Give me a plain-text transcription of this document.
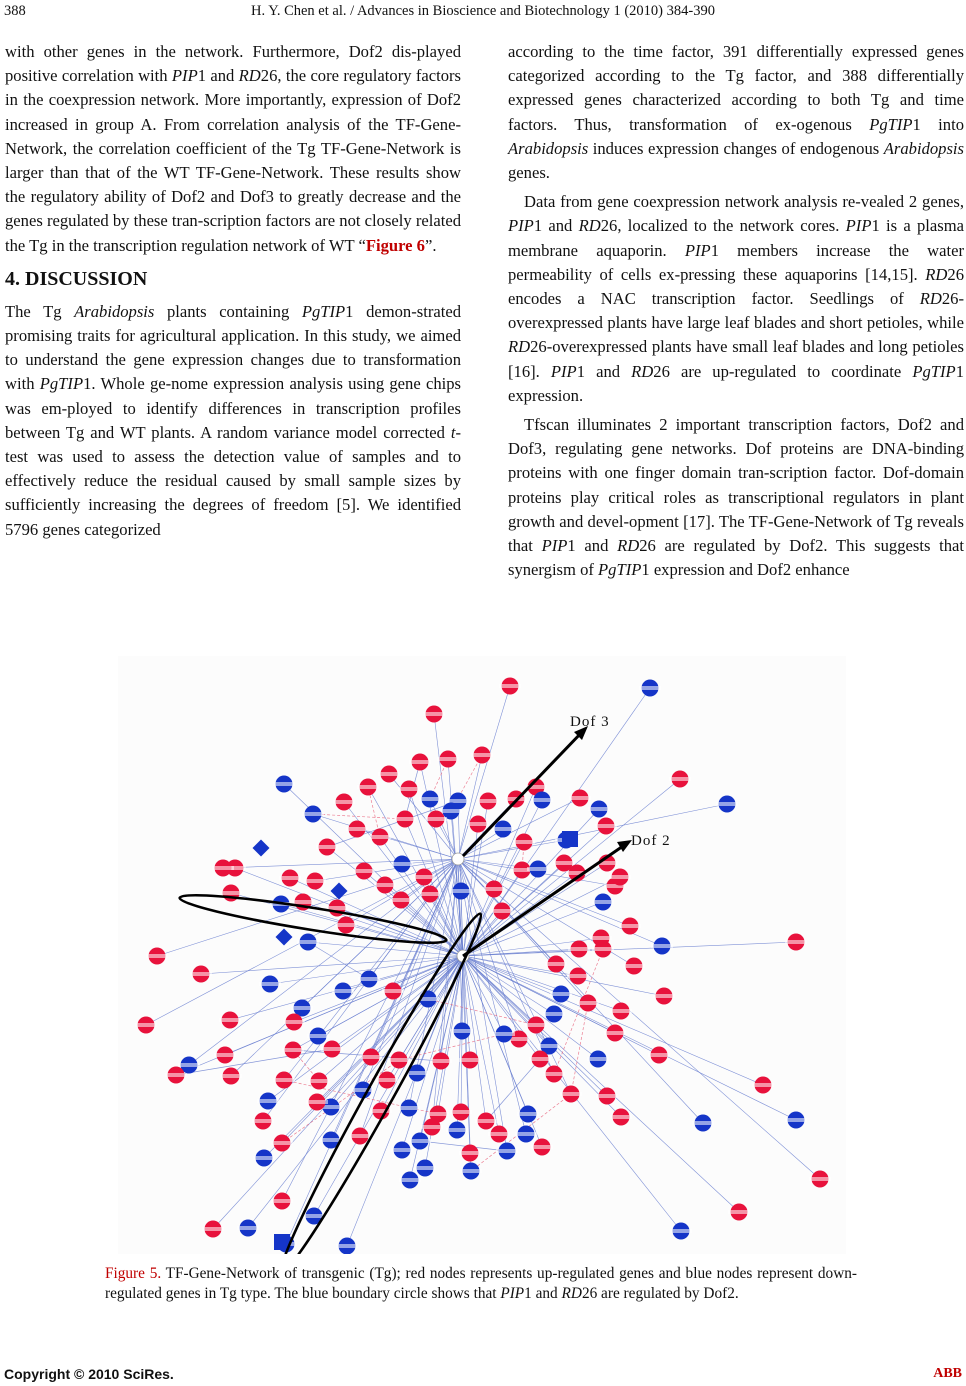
388	H. Y. Chen et al. / Advances in Bioscience and Biotechnology 1 (2010) 384-390

with other genes in the network. Furthermore, Dof2 dis-played positive correlation with PIP1 and RD26, the core regulatory factors in the coexpression network. More importantly, expression of Dof2 increased in group A. From correlation analysis of the TF-Gene-Network, the correlation coefficient of the Tg TF-Gene-Network is larger than that of the WT TF-Gene-Network. These results show the regulatory ability of Dof2 and Dof3 to greatly decrease and the genes regulated by these tran-scription factors are not closely related the Tg in the transcription regulation network of WT “Figure 6”.

4. DISCUSSION

The Tg Arabidopsis plants containing PgTIP1 demon-strated promising traits for agricultural application. In this study, we aimed to understand the gene expression changes due to transformation with PgTIP1. Whole ge-nome expression analysis using gene chips was em-ployed to identify differences in transcription profiles between Tg and WT plants. A random variance model corrected t-test was used to assess the detection value of samples and to effectively reduce the residual caused by small sample sizes by sufficiently increasing the degrees of freedom [5]. We identified 5796 genes categorized

according to the time factor, 391 differentially expressed genes categorized according to the Tg factor, and 388 differentially expressed genes characterized according to both Tg and time factors. Thus, transformation of ex-ogenous PgTIP1 into Arabidopsis induces expression changes of endogenous Arabidopsis genes.

Data from gene coexpression network analysis re-vealed 2 genes, PIP1 and RD26, localized to the network cores. PIP1 is a plasma membrane aquaporin. PIP1 members increase the water permeability of cells ex-pressing these aquaporins [14,15]. RD26 encodes a NAC transcription factor. Seedlings of RD26-overexpressed plants have large leaf blades and short petioles, while RD26-overexpressed plants have small leaf blades and long petioles [16]. PIP1 and RD26 are up-regulated to coordinate PgTIP1 expression.

Tfscan illuminates 2 important transcription factors, Dof2 and Dof3, regulating gene networks. Dof proteins are DNA-binding proteins with one finger domain tran-scription factor. Dof-domain proteins play critical roles as transcriptional regulators in plant growth and devel-opment [17]. The TF-Gene-Network of Tg reveals that PIP1 and RD26 are regulated by Dof2. This suggests that synergism of PgTIP1 expression and Dof2 enhance

Dof 3
Dof 2
Figure 5. TF-Gene-Network of transgenic (Tg); red nodes represents up-regulated genes and blue nodes represent down- regulated genes in Tg type. The blue boundary circle shows that PIP1 and RD26 are regulated by Dof2.
Copyright © 2010 SciRes.	ABB
